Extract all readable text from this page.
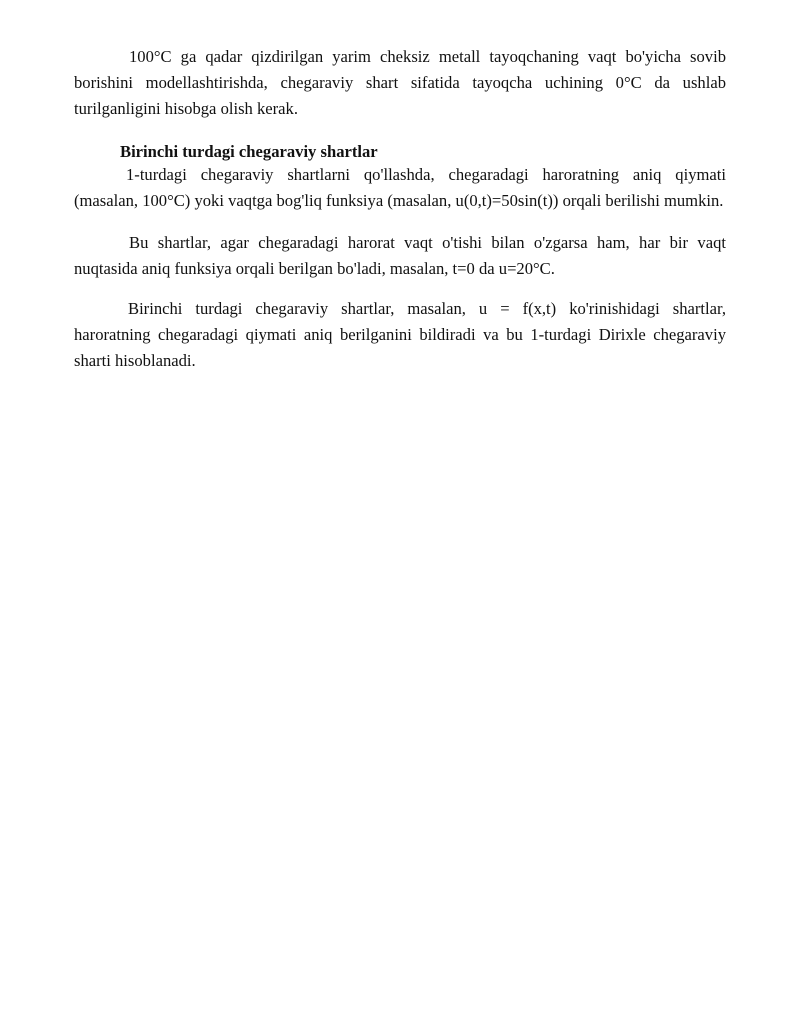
100°C ga qadar qizdirilgan yarim cheksiz metall tayoqchaning vaqt bo'yicha sovib borishini modellashtirishda, chegaraviy shart sifatida tayoqcha uchining 0°C da ushlab turilganligini hisobga olish kerak.

Birinchi turdagi chegaraviy shartlar

1-turdagi chegaraviy shartlarni qo'llashda, chegaradagi haroratning aniq qiymati (masalan, 100°C) yoki vaqtga bog'liq funksiya (masalan, u(0,t)=50sin(t)) orqali berilishi mumkin.

Bu shartlar, agar chegaradagi harorat vaqt o'tishi bilan o'zgarsa ham, har bir vaqt nuqtasida aniq funksiya orqali berilgan bo'ladi, masalan, t=0 da u=20°C.

Birinchi turdagi chegaraviy shartlar, masalan, u = f(x,t) ko'rinishidagi shartlar, haroratning chegaradagi qiymati aniq berilganini bildiradi va bu 1-turdagi Dirixle chegaraviy sharti hisoblanadi.
